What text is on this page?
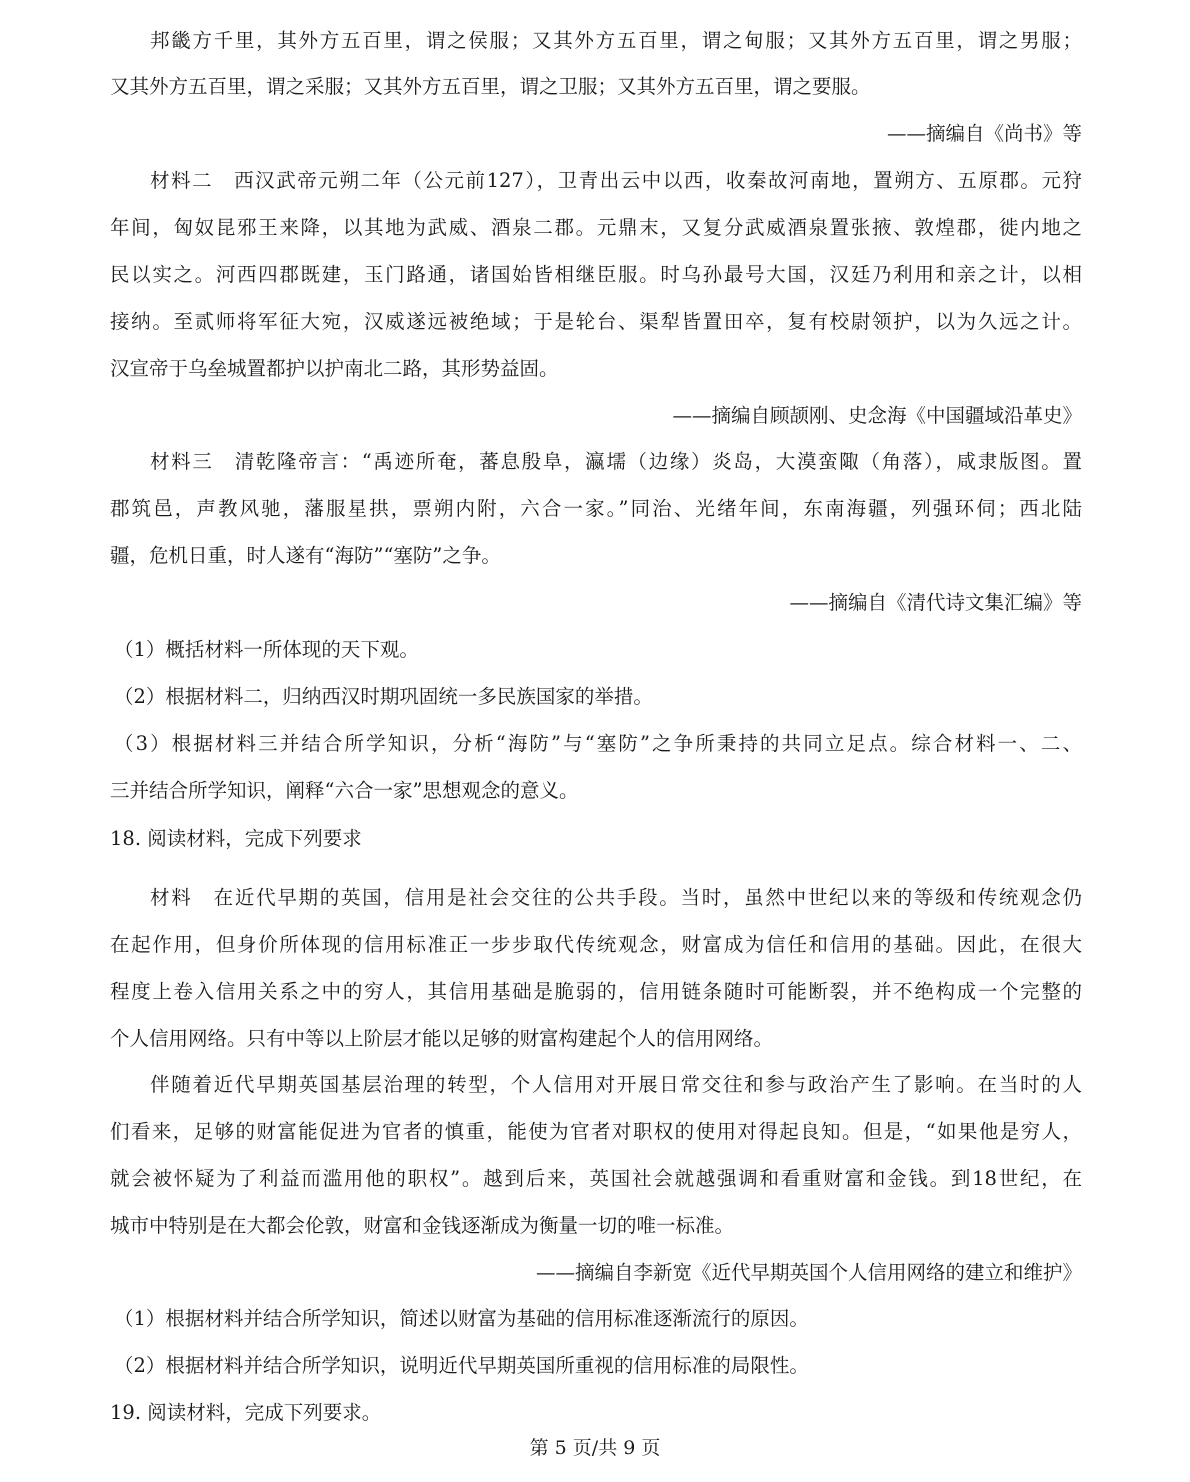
邦畿方千里，其外方五百里，谓之侯服；又其外方五百里，谓之甸服；又其外方五百里，谓之男服；
又其外方五百里，谓之采服；又其外方五百里，谓之卫服；又其外方五百里，谓之要服。
——摘编自《尚书》等
材料二　西汉武帝元朔二年（公元前127），卫青出云中以西，收秦故河南地，置朔方、五原郡。元狩
年间，匈奴昆邪王来降，以其地为武威、酒泉二郡。元鼎末，又复分武威酒泉置张掖、敦煌郡，徙内地之
民以实之。河西四郡既建，玉门路通，诸国始皆相继臣服。时乌孙最号大国，汉廷乃利用和亲之计，以相
接纳。至贰师将军征大宛，汉威遂远被绝域；于是轮台、渠犁皆置田卒，复有校尉领护，以为久远之计。
汉宣帝于乌垒城置都护以护南北二路，其形势益固。
——摘编自顾颉刚、史念海《中国疆域沿革史》
材料三　清乾隆帝言：“禹迹所奄，蕃息殷阜，瀛壖（边缘）炎岛，大漠蛮陬（角落），咸隶版图。置
郡筑邑，声教风驰，藩服星拱，票朔内附，六合一家。”同治、光绪年间，东南海疆，列强环伺；西北陆
疆，危机日重，时人遂有“海防”“塞防”之争。
——摘编自《清代诗文集汇编》等
（1）概括材料一所体现的天下观。
（2）根据材料二，归纳西汉时期巩固统一多民族国家的举措。
（3）根据材料三并结合所学知识，分析“海防”与“塞防”之争所秉持的共同立足点。综合材料一、二、
三并结合所学知识，阐释“六合一家”思想观念的意义。
18. 阅读材料，完成下列要求
材料　在近代早期的英国，信用是社会交往的公共手段。当时，虽然中世纪以来的等级和传统观念仍
在起作用，但身价所体现的信用标准正一步步取代传统观念，财富成为信任和信用的基础。因此，在很大
程度上卷入信用关系之中的穷人，其信用基础是脆弱的，信用链条随时可能断裂，并不绝构成一个完整的
个人信用网络。只有中等以上阶层才能以足够的财富构建起个人的信用网络。
伴随着近代早期英国基层治理的转型，个人信用对开展日常交往和参与政治产生了影响。在当时的人
们看来，足够的财富能促进为官者的慎重，能使为官者对职权的使用对得起良知。但是，“如果他是穷人，
就会被怀疑为了利益而滥用他的职权”。越到后来，英国社会就越强调和看重财富和金钱。到18世纪，在
城市中特别是在大都会伦敦，财富和金钱逐渐成为衡量一切的唯一标准。
——摘编自李新宽《近代早期英国个人信用网络的建立和维护》
（1）根据材料并结合所学知识，简述以财富为基础的信用标准逐渐流行的原因。
（2）根据材料并结合所学知识，说明近代早期英国所重视的信用标准的局限性。
19. 阅读材料，完成下列要求。
第 5 页/共 9 页
